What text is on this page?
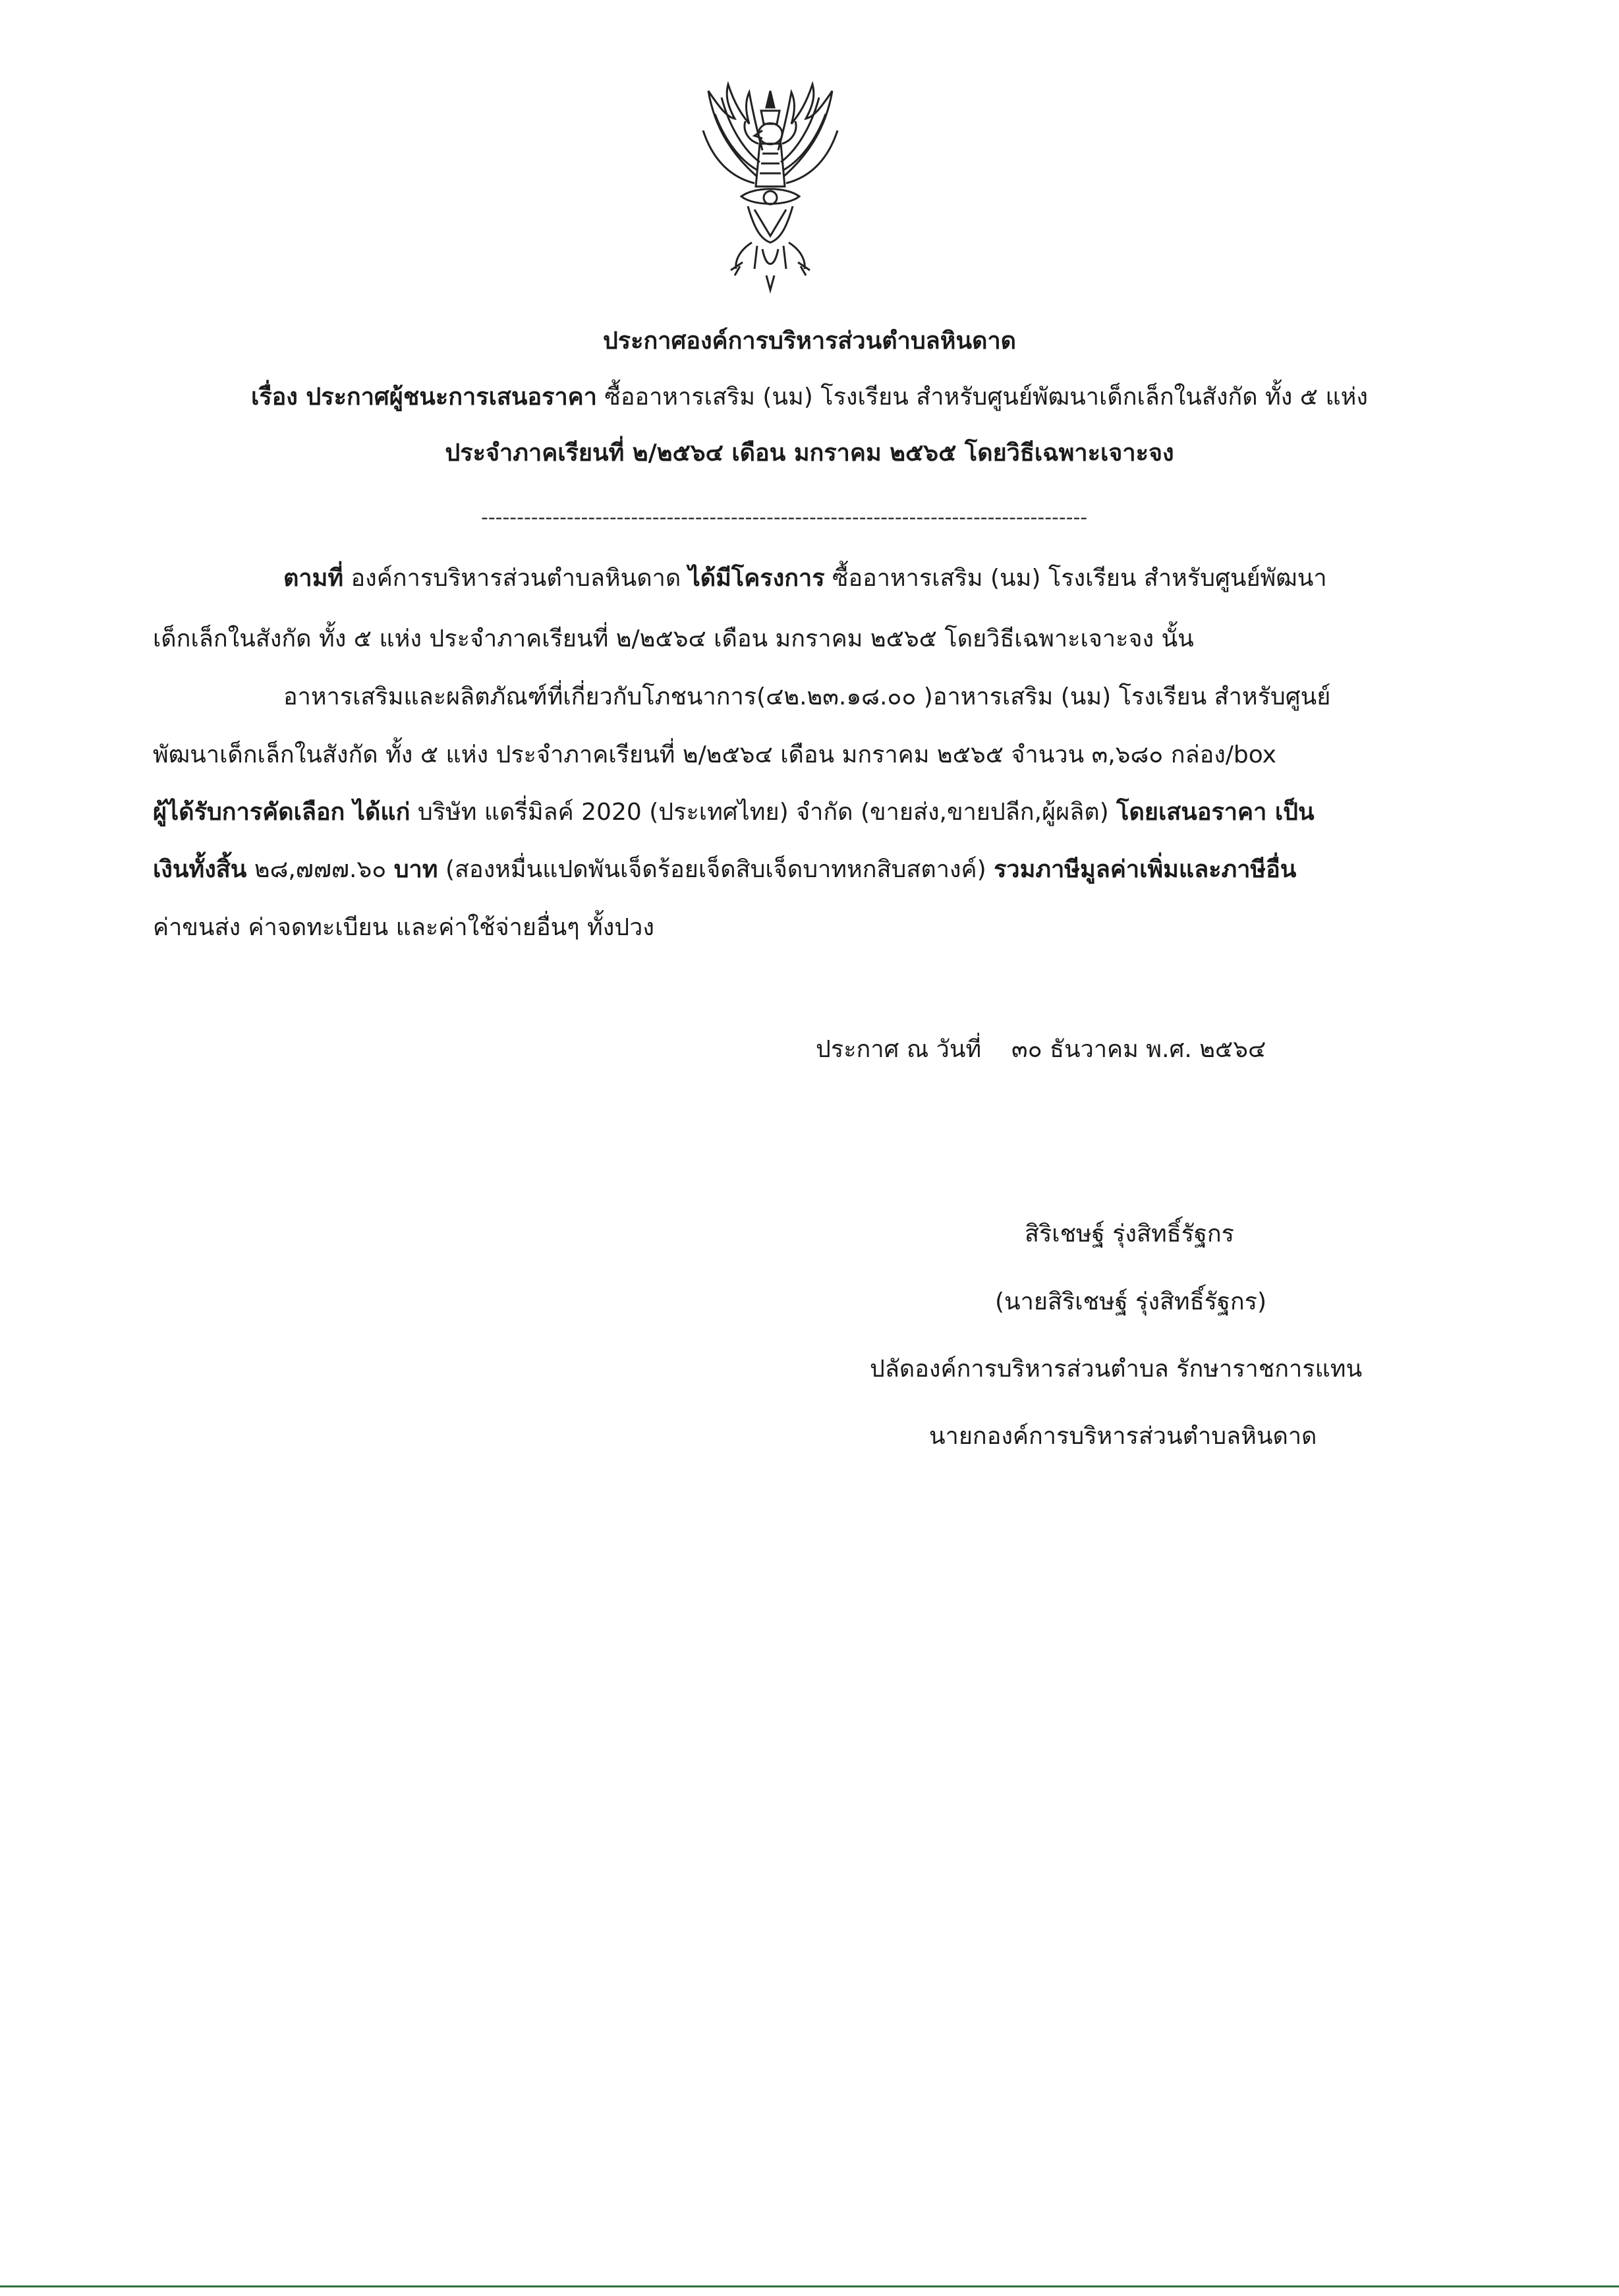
ประกาศองค์การบริหารส่วนตำบลหินดาด
เรื่อง ประกาศผู้ชนะการเสนอราคา ซื้ออาหารเสริม (นม) โรงเรียน สำหรับศูนย์พัฒนาเด็กเล็กในสังกัด ทั้ง ๕ แห่ง
ประจำภาคเรียนที่ ๒/๒๕๖๔ เดือน มกราคม ๒๕๖๕ โดยวิธีเฉพาะเจาะจง
-------------------------------------------------------------------------------------
ตามที่ องค์การบริหารส่วนตำบลหินดาด ได้มีโครงการ ซื้ออาหารเสริม (นม) โรงเรียน สำหรับศูนย์พัฒนา
เด็กเล็กในสังกัด ทั้ง ๕ แห่ง ประจำภาคเรียนที่ ๒/๒๕๖๔ เดือน มกราคม ๒๕๖๕ โดยวิธีเฉพาะเจาะจง นั้น
อาหารเสริมและผลิตภัณฑ์ที่เกี่ยวกับโภชนาการ(๔๒.๒๓.๑๘.๐๐ )อาหารเสริม (นม) โรงเรียน สำหรับศูนย์
พัฒนาเด็กเล็กในสังกัด ทั้ง ๕ แห่ง ประจำภาคเรียนที่ ๒/๒๕๖๔ เดือน มกราคม ๒๕๖๕ จำนวน ๓,๖๘๐ กล่อง/box
ผู้ได้รับการคัดเลือก ได้แก่ บริษัท แดรี่มิลค์ 2020 (ประเทศไทย) จำกัด (ขายส่ง,ขายปลีก,ผู้ผลิต) โดยเสนอราคา เป็น
เงินทั้งสิ้น ๒๘,๗๗๗.๖๐ บาท (สองหมื่นแปดพันเจ็ดร้อยเจ็ดสิบเจ็ดบาทหกสิบสตางค์) รวมภาษีมูลค่าเพิ่มและภาษีอื่น
ค่าขนส่ง ค่าจดทะเบียน และค่าใช้จ่ายอื่นๆ ทั้งปวง
ประกาศ ณ วันที่    ๓๐ ธันวาคม พ.ศ. ๒๕๖๔
สิริเชษฐ์ รุ่งสิทธิ์รัฐกร
(นายสิริเชษฐ์ รุ่งสิทธิ์รัฐกร)
ปลัดองค์การบริหารส่วนตำบล รักษาราชการแทน
นายกองค์การบริหารส่วนตำบลหินดาด
